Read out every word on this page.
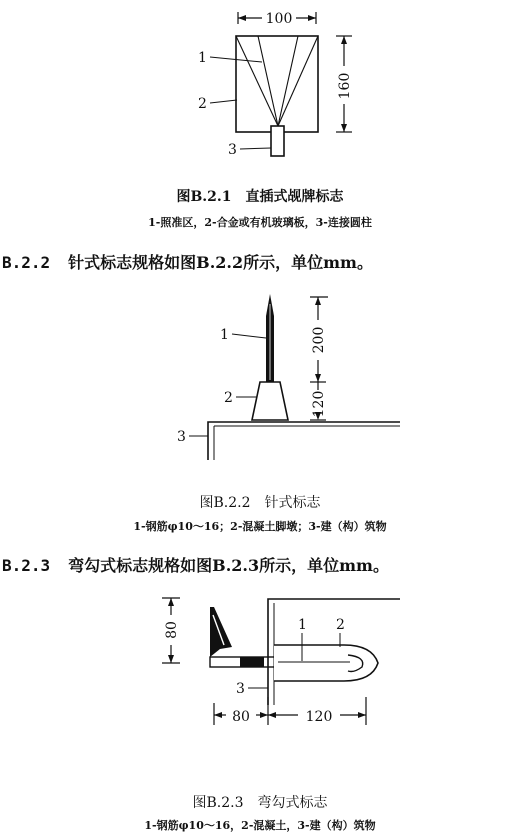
100
160
1
2
3
图B.2.1　直插式觇牌标志
1-照准区，2-合金或有机玻璃板，3-连接圆柱
B.2.2 针式标志规格如图B.2.2所示，单位mm。
200
120
1
2
3
图B.2.2　针式标志
1-钢筋φ10～16；2-混凝土脚墩；3-建（构）筑物
B.2.3 弯勾式标志规格如图B.2.3所示，单位mm。
80	1 2
3
80	120
图B.2.3　弯勾式标志
1-钢筋φ10～16，2-混凝土，3-建（构）筑物
